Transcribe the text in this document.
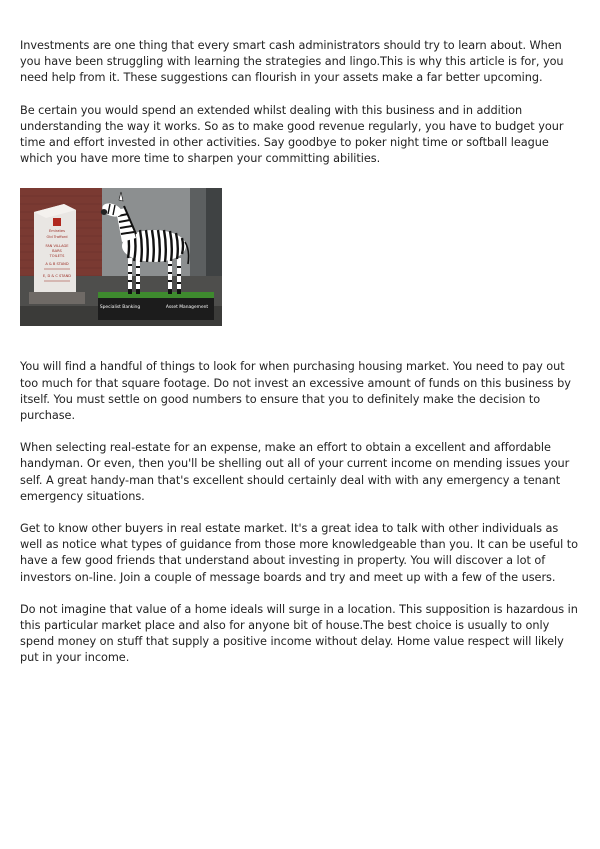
Investments are one thing that every smart cash administrators should try to learn about. When you have been struggling with learning the strategies and lingo.This is why this article is for, you need help from it. These suggestions can flourish in your assets make a far better upcoming.

Be certain you would spend an extended whilst dealing with this business and in addition understanding the way it works. So as to make good revenue regularly, you have to budget your time and effort invested in other activities. Say goodbye to poker night time or softball league which you have more time to sharpen your committing abilities.

Emirates
Old Trafford
FAN VILLAGE
BARS
TOILETS
A & B STAND
E, D & C STAND
Specialist Banking	Asset Management

You will find a handful of things to look for when purchasing housing market. You need to pay out too much for that square footage. Do not invest an excessive amount of funds on this business by itself. You must settle on good numbers to ensure that you to definitely make the decision to purchase.

When selecting real-estate for an expense, make an effort to obtain a excellent and affordable handyman. Or even, then you'll be shelling out all of your current income on mending issues your self. A great handy-man that's excellent should certainly deal with with any emergency a tenant emergency situations.

Get to know other buyers in real estate market. It's a great idea to talk with other individuals as well as notice what types of guidance from those more knowledgeable than you. It can be useful to have a few good friends that understand about investing in property. You will discover a lot of investors on-line. Join a couple of message boards and try and meet up with a few of the users.

Do not imagine that value of a home ideals will surge in a location. This supposition is hazardous in this particular market place and also for anyone bit of house.The best choice is usually to only spend money on stuff that supply a positive income without delay. Home value respect will likely put in your income.
